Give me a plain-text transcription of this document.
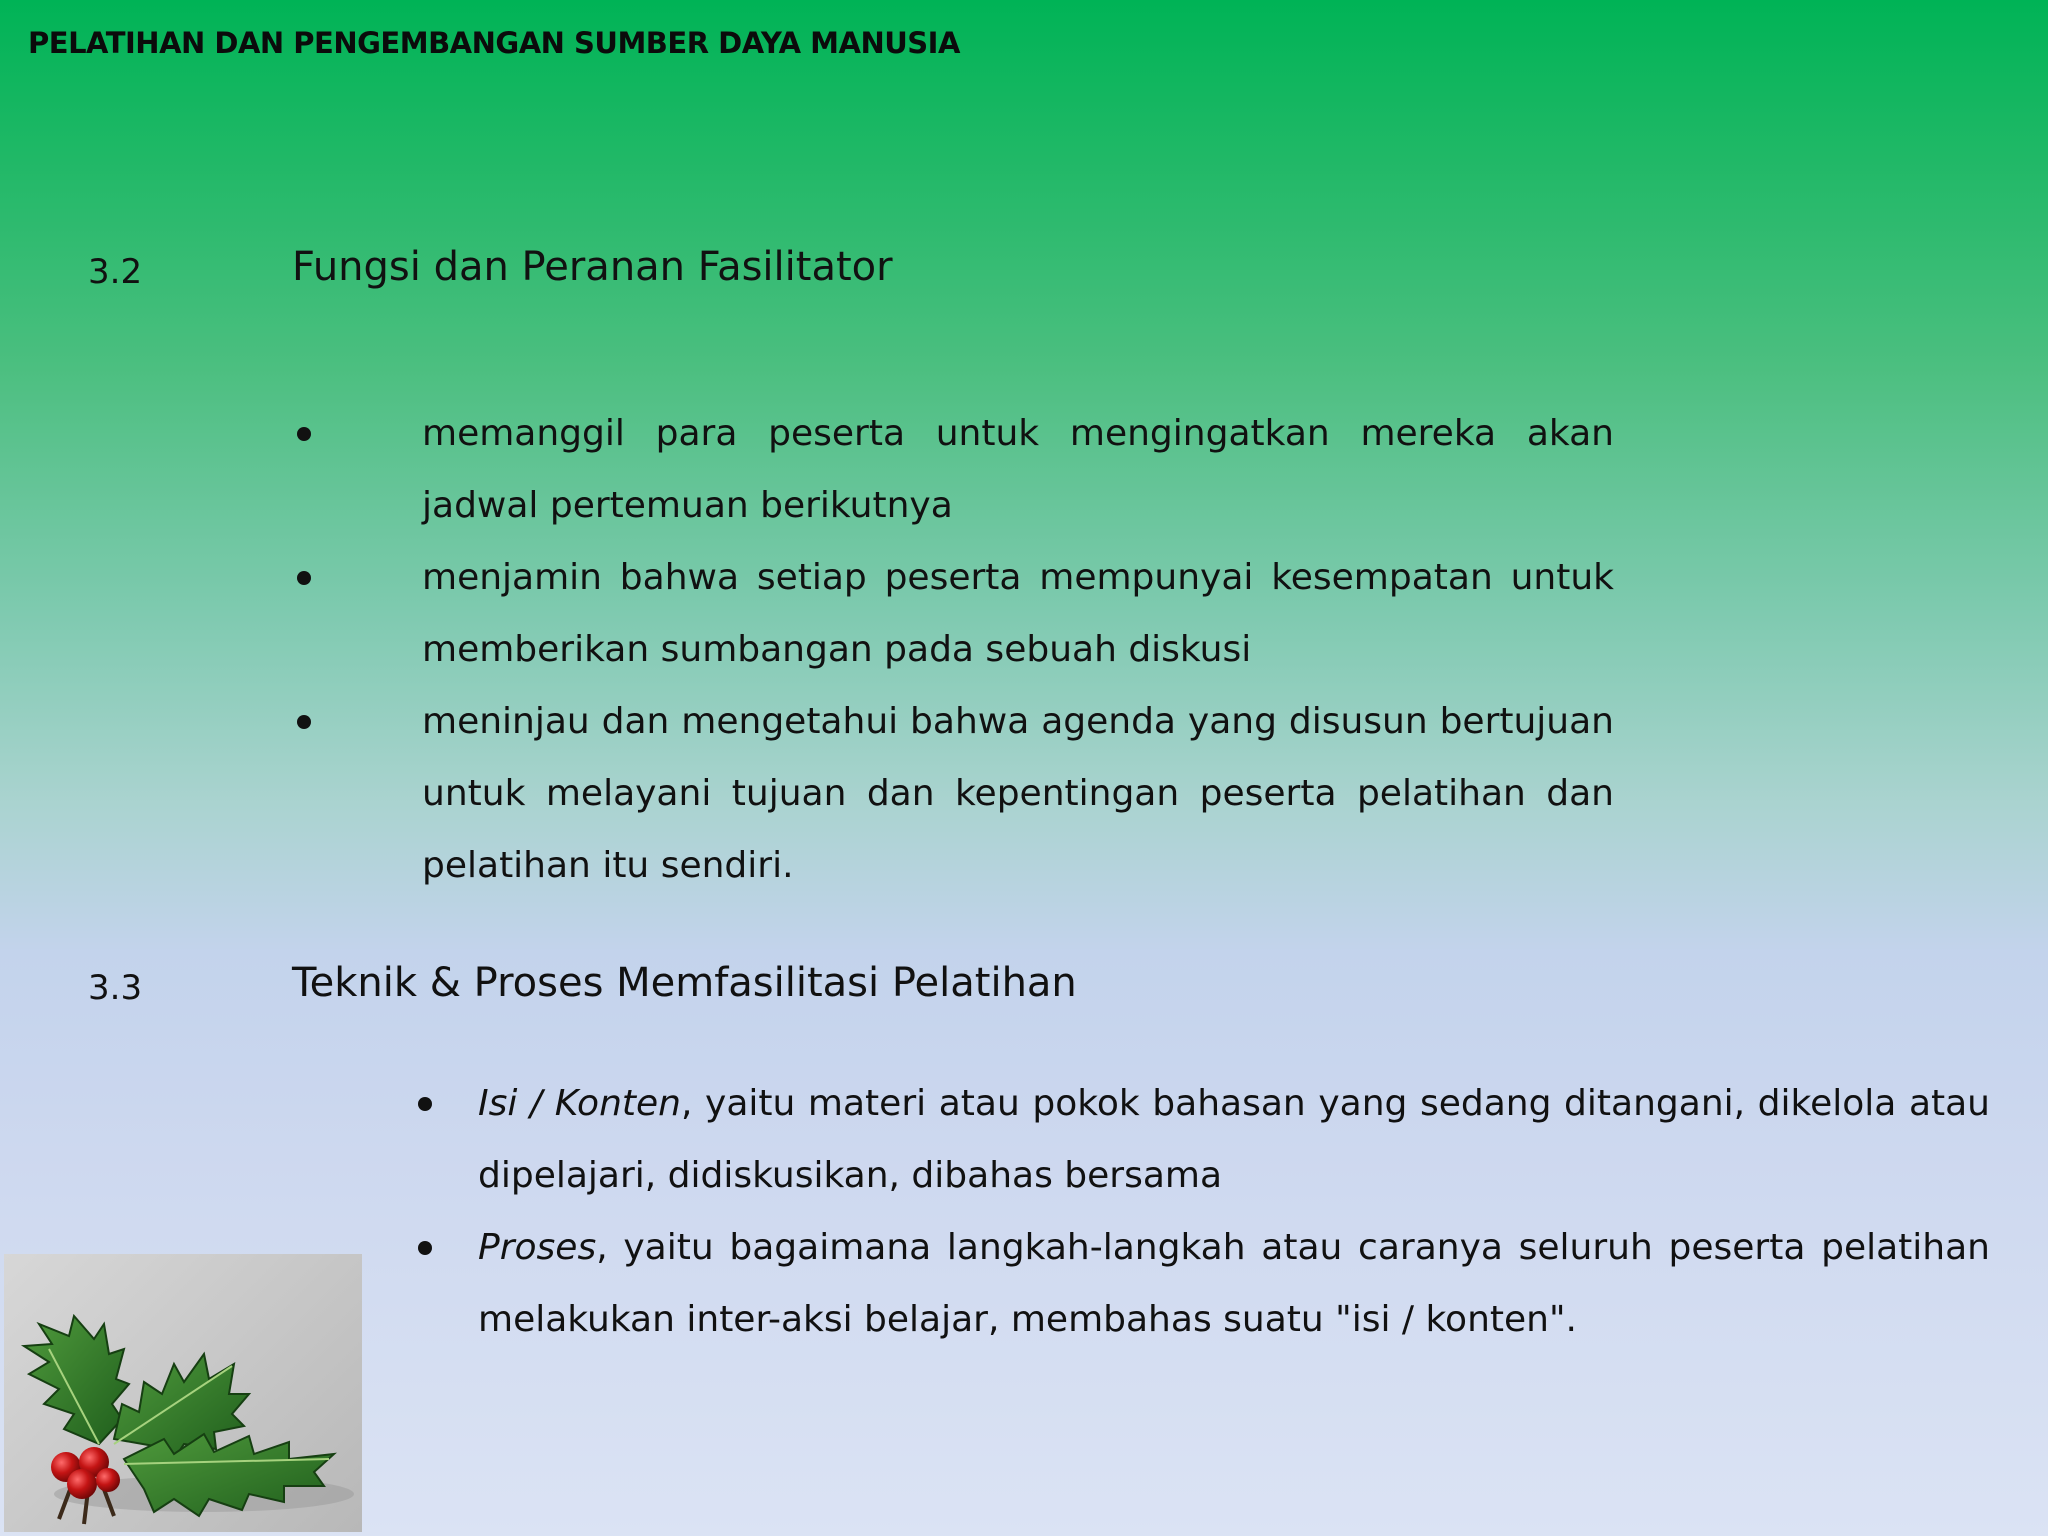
PELATIHAN DAN PENGEMBANGAN SUMBER DAYA MANUSIA
3.2	Fungsi dan Peranan Fasilitator
memanggil para peserta untuk mengingatkan mereka akan jadwal pertemuan berikutnya
menjamin bahwa setiap peserta mempunyai kesempatan untuk memberikan sumbangan pada sebuah diskusi
meninjau dan mengetahui bahwa agenda yang disusun bertujuan untuk melayani tujuan dan kepentingan peserta pelatihan dan pelatihan itu sendiri.
3.3	Teknik & Proses Memfasilitasi Pelatihan
Isi / Konten, yaitu materi atau pokok bahasan yang sedang ditangani, dikelola atau dipelajari, didiskusikan, dibahas bersama
Proses, yaitu bagaimana langkah-langkah atau caranya seluruh peserta pelatihan melakukan inter-aksi belajar, membahas suatu "isi / konten".
